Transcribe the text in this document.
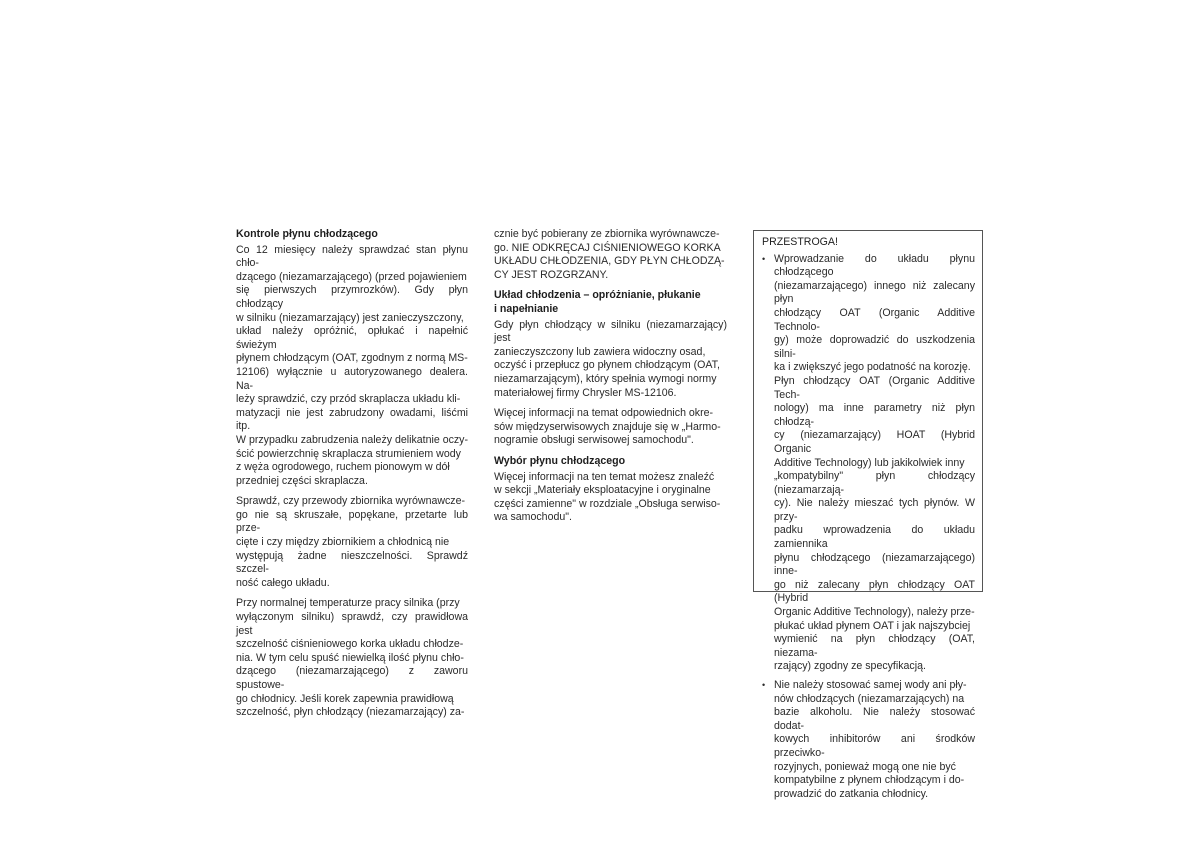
Kontrole płynu chłodzącego
Co 12 miesięcy należy sprawdzać stan płynu chło-
dzącego (niezamarzającego) (przed pojawieniem
się pierwszych przymrozków). Gdy płyn chłodzący
w silniku (niezamarzający) jest zanieczyszczony,
układ należy opróżnić, opłukać i napełnić świeżym
płynem chłodzącym (OAT, zgodnym z normą MS-
12106) wyłącznie u autoryzowanego dealera. Na-
leży sprawdzić, czy przód skraplacza układu kli-
matyzacji nie jest zabrudzony owadami, liśćmi itp.
W przypadku zabrudzenia należy delikatnie oczy-
ścić powierzchnię skraplacza strumieniem wody
z węża ogrodowego, ruchem pionowym w dół
przedniej części skraplacza.
Sprawdź, czy przewody zbiornika wyrównawcze-
go nie są skruszałe, popękane, przetarte lub prze-
cięte i czy między zbiornikiem a chłodnicą nie
występują żadne nieszczelności. Sprawdź szczel-
ność całego układu.
Przy normalnej temperaturze pracy silnika (przy
wyłączonym silniku) sprawdź, czy prawidłowa jest
szczelność ciśnieniowego korka układu chłodze-
nia. W tym celu spuść niewielką ilość płynu chło-
dzącego (niezamarzającego) z zaworu spustowe-
go chłodnicy. Jeśli korek zapewnia prawidłową
szczelność, płyn chłodzący (niezamarzający) za-
cznie być pobierany ze zbiornika wyrównawcze-
go. NIE ODKRĘCAJ CIŚNIENIOWEGO KORKA
UKŁADU CHŁODZENIA, GDY PŁYN CHŁODZĄ-
CY JEST ROZGRZANY.
Układ chłodzenia – opróżnianie, płukanie
i napełnianie
Gdy płyn chłodzący w silniku (niezamarzający) jest
zanieczyszczony lub zawiera widoczny osad,
oczyść i przepłucz go płynem chłodzącym (OAT,
niezamarzającym), który spełnia wymogi normy
materiałowej firmy Chrysler MS-12106.
Więcej informacji na temat odpowiednich okre-
sów międzyserwisowych znajduje się w „Harmo-
nogramie obsługi serwisowej samochodu".
Wybór płynu chłodzącego
Więcej informacji na ten temat możesz znaleźć
w sekcji „Materiały eksploatacyjne i oryginalne
części zamienne" w rozdziale „Obsługa serwiso-
wa samochodu".
PRZESTROGA!
• Wprowadzanie do układu płynu chłodzącego
(niezamarzającego) innego niż zalecany płyn
chłodzący OAT (Organic Additive Technolo-
gy) może doprowadzić do uszkodzenia silni-
ka i zwiększyć jego podatność na korozję.
Płyn chłodzący OAT (Organic Additive Tech-
nology) ma inne parametry niż płyn chłodzą-
cy (niezamarzający) HOAT (Hybrid Organic
Additive Technology) lub jakikolwiek inny
„kompatybilny" płyn chłodzący (niezamarzają-
cy). Nie należy mieszać tych płynów. W przy-
padku wprowadzenia do układu zamiennika
płynu chłodzącego (niezamarzającego) inne-
go niż zalecany płyn chłodzący OAT (Hybrid
Organic Additive Technology), należy prze-
płukać układ płynem OAT i jak najszybciej
wymienić na płyn chłodzący (OAT, niezama-
rzający) zgodny ze specyfikacją.
• Nie należy stosować samej wody ani pły-
nów chłodzących (niezamarzających) na
bazie alkoholu. Nie należy stosować dodat-
kowych inhibitorów ani środków przeciwko-
rozyjnych, ponieważ mogą one nie być
kompatybilne z płynem chłodzącym i do-
prowadzić do zatkania chłodnicy.
